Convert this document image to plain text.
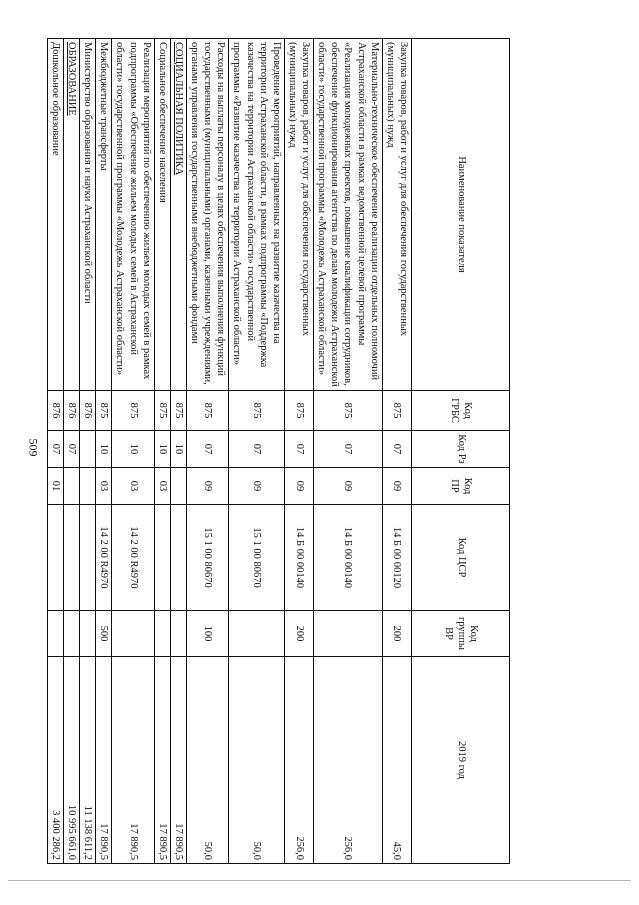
509
Наименование показателя	Код ГРБС	Код Рз	Код ПР	Код ЦСР	Код группы ВР	2019 год
Закупка товаров, работ и услуг для обеспечения государственных (муниципальных) нужд	875	07	09	14 Б 00 00120	200	45,0
Материально-техническое обеспечение реализации отдельных полномочий Астраханской области в рамках ведомственной целевой программы «Реализация молодежных проектов, повышение квалификации сотрудников, обеспечение функционирования агентства по делам молодежи Астраханской области» государственной программы «Молодежь Астраханской области»	875	07	09	14 Б 00 00140		256,0
Закупка товаров, работ и услуг для обеспечения государственных (муниципальных) нужд	875	07	09	14 Б 00 00140	200	256,0
Проведение мероприятий, направленных на развитие казачества на территории Астраханской области, в рамках подпрограммы «Поддержка казачества на территории Астраханской области» государственной программы «Развитие казачества на территории Астраханской области»	875	07	09	15 1 00 80670		50,0
Расходы на выплаты персоналу в целях обеспечения выполнения функций государственными (муниципальными) органами, казенными учреждениями, органами управления государственными внебюджетными фондами	875	07	09	15 1 00 80670	100	50,0
СОЦИАЛЬНАЯ ПОЛИТИКА	875	10				17 890,5
Социальное обеспечение населения	875	10	03			17 890,5
Реализация мероприятий по обеспечению жильем молодых семей в рамках подпрограммы «Обеспечение жильем молодых семей в Астраханской области» государственной программы «Молодежь Астраханской области»	875	10	03	14 2 00 R4970		17 890,5
Межбюджетные трансферты	875	10	03	14 2 00 R4970	500	17 890,5
Министерство образования и науки Астраханской области	876					11 138 611,2
ОБРАЗОВАНИЕ	876	07				10 995 661,0
Дошкольное образование	876	07	01			3 400 286,2
